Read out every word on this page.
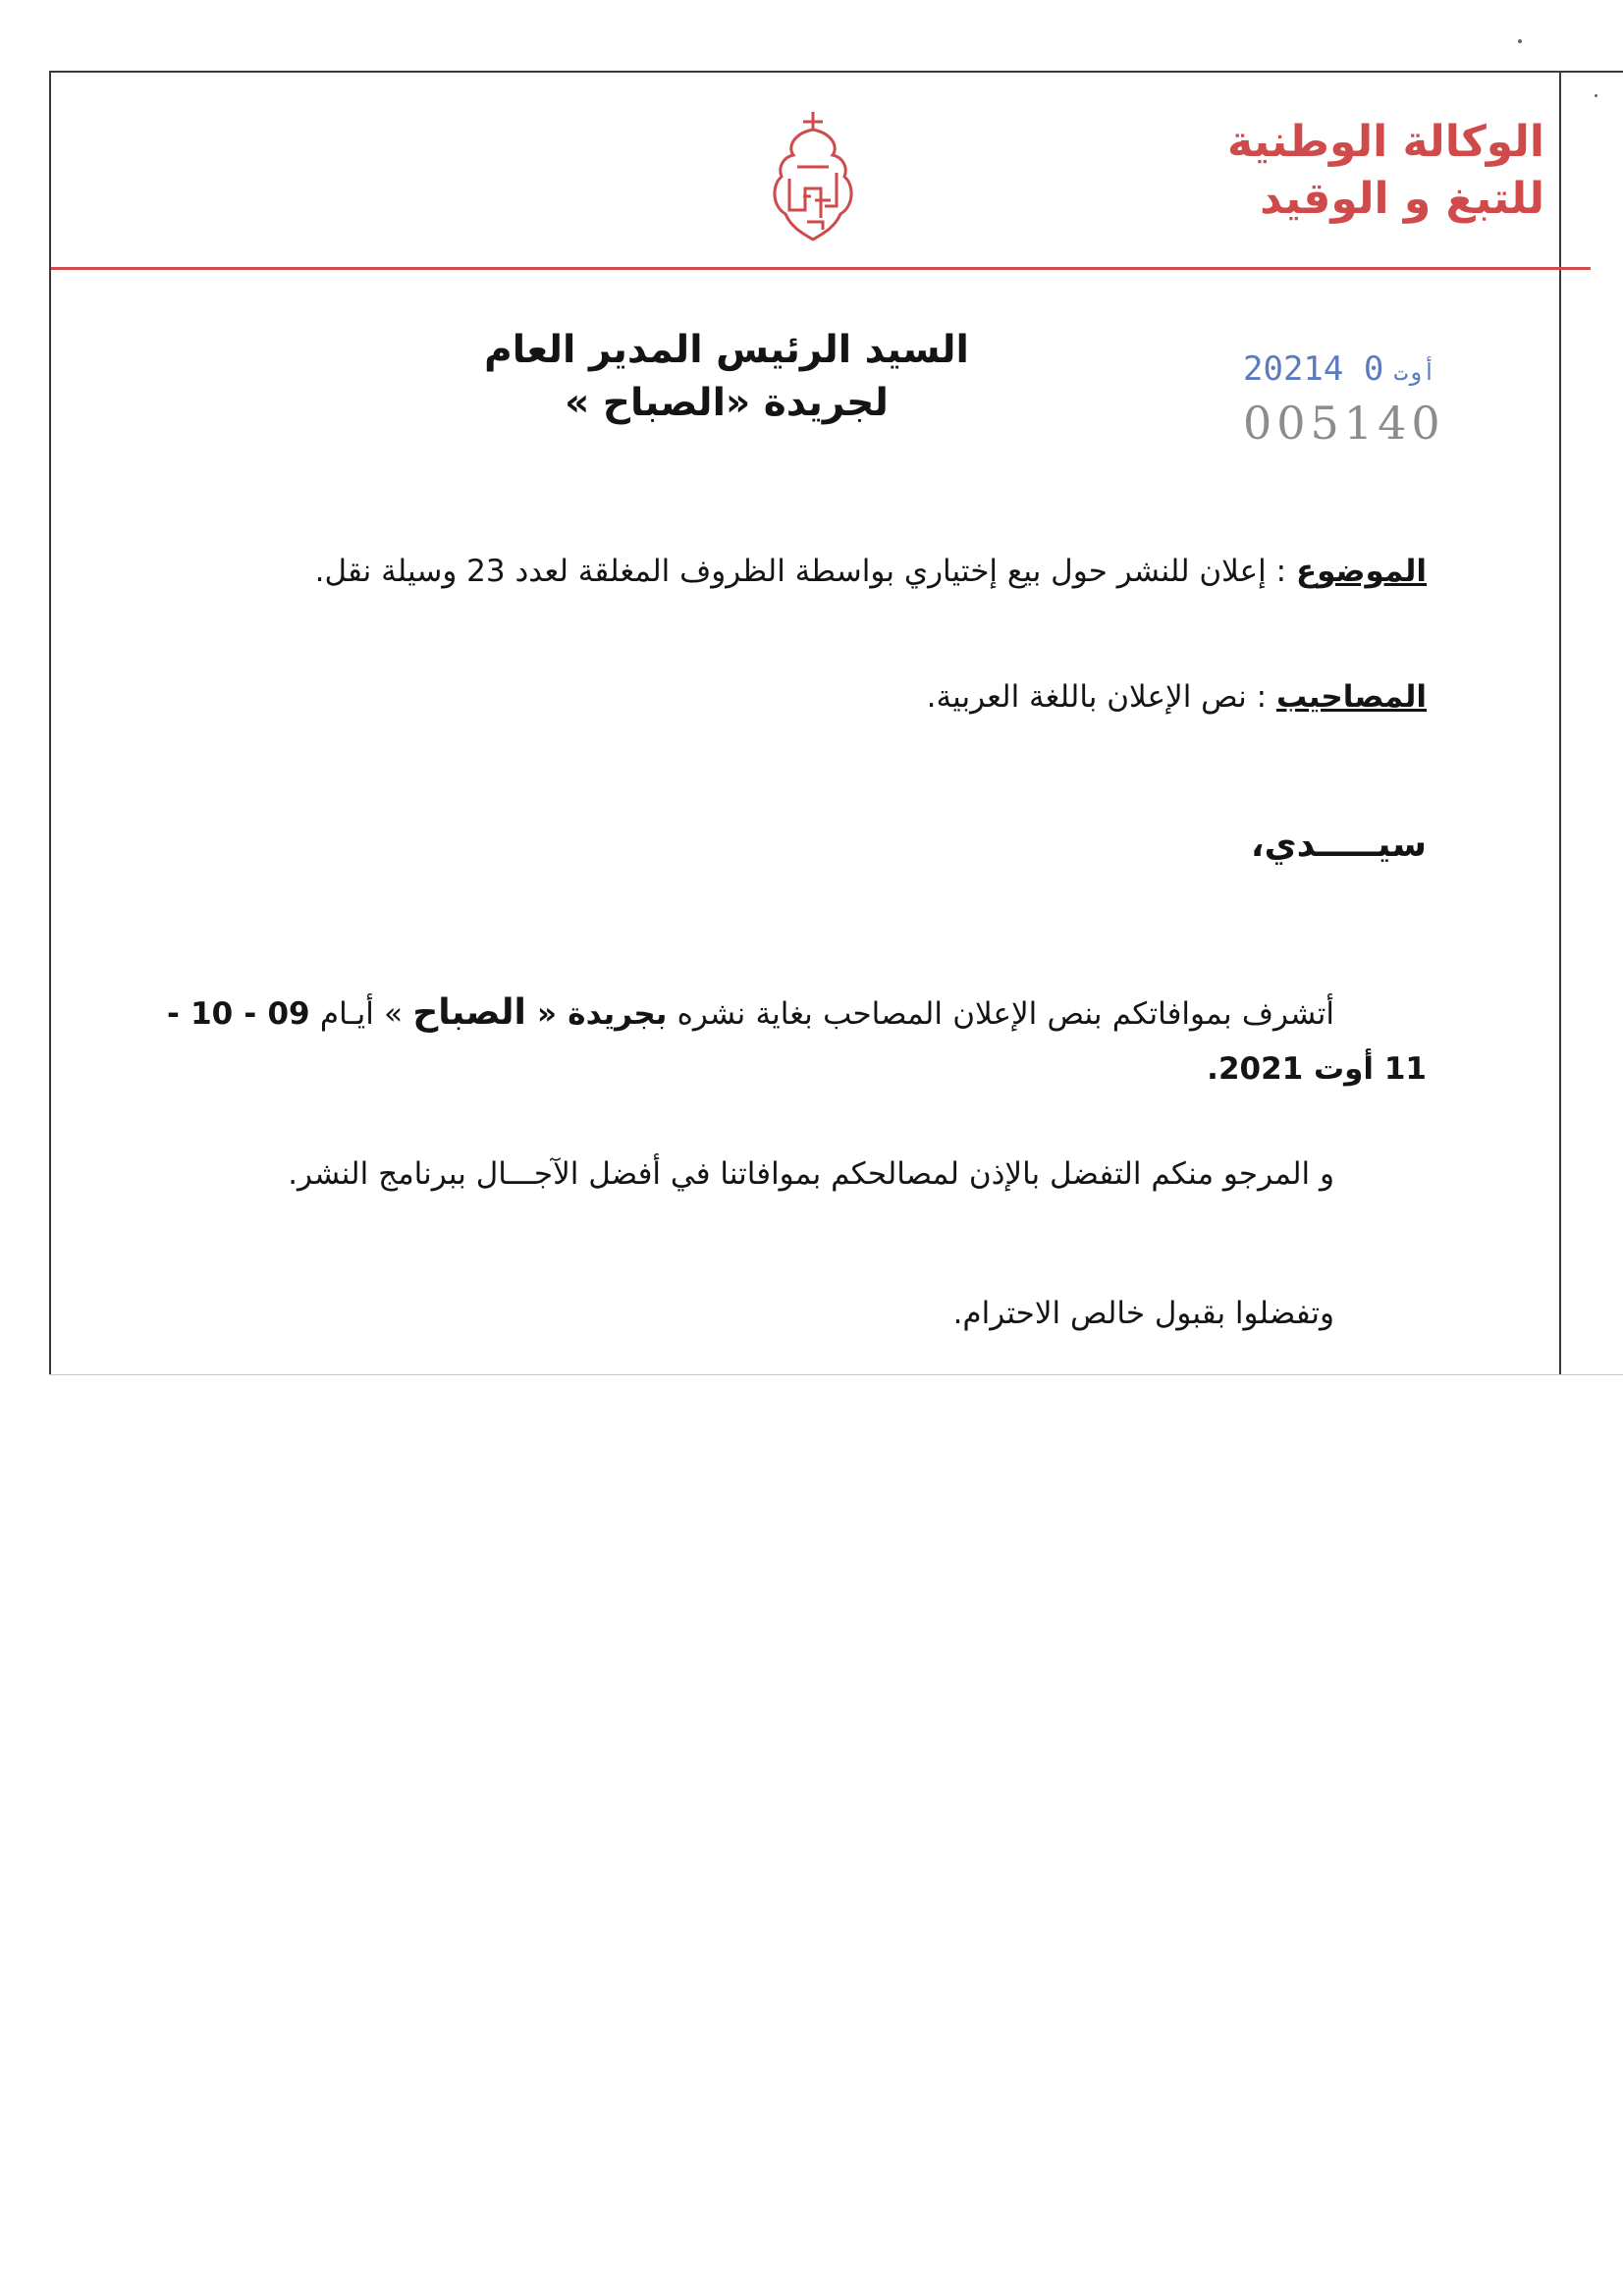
الوكالة الوطنية
للتبغ و الوقيد
السيد الرئيس المدير العام
لجريدة «الصباح »
2021	أوت0 4
005140
الموضوع : إعلان للنشر حول بيع إختياري بواسطة الظروف المغلقة لعدد 23 وسيلة نقل.
المصاحيب : نص الإعلان باللغة العربية.
سيـــــدي،
أتشرف بموافاتكم بنص الإعلان المصاحب بغاية نشره بجريدة « الصباح » أيـام 09 - 10 - 11 أوت 2021.
و المرجو منكم التفضل بالإذن لمصالحكم بموافاتنا في أفضل الآجـــال ببرنامج النشر.
وتفضلوا بقبول خالص الاحترام.
